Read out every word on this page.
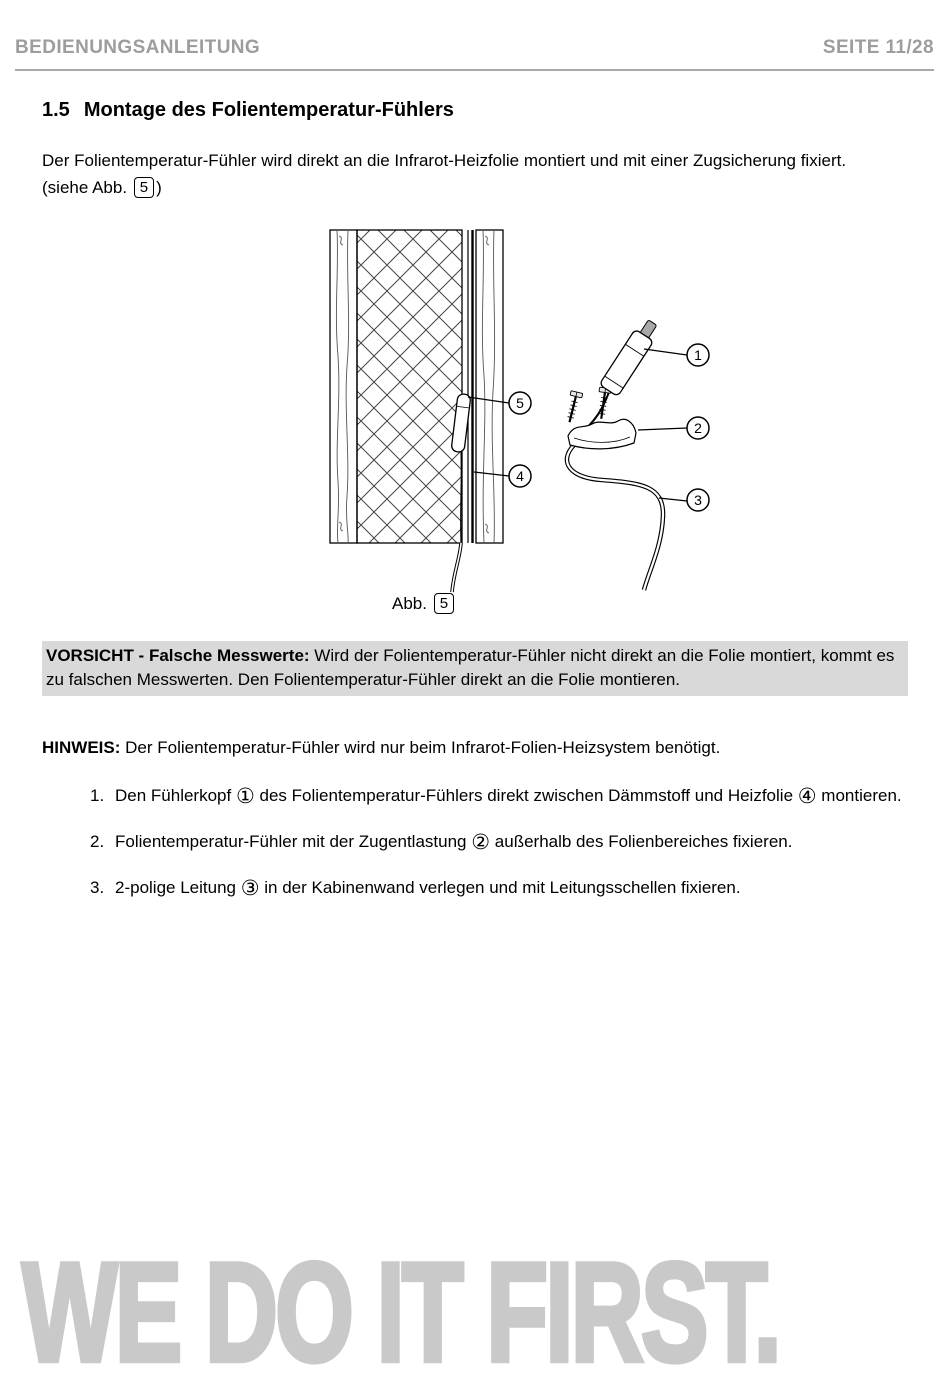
BEDIENUNGSANLEITUNG	SEITE 11/28
1.5 Montage des Folientemperatur-Fühlers

Der Folientemperatur-Fühler wird direkt an die Infrarot-Heizfolie montiert und mit einer Zugsicherung fixiert. (siehe Abb. 5 )

1
2
3
4
5
Abb. 5
VORSICHT - Falsche Messwerte: Wird der Folientemperatur-Fühler nicht direkt an die Folie montiert, kommt es zu falschen Messwerten. Den Folientemperatur-Fühler direkt an die Folie montieren.
HINWEIS: Der Folientemperatur-Fühler wird nur beim Infrarot-Folien-Heizsystem benötigt.
1. Den Fühlerkopf ① des Folientemperatur-Fühlers direkt zwischen Dämmstoff und Heizfolie ④ montieren.
2. Folientemperatur-Fühler mit der Zugentlastung ② außerhalb des Folienbereiches fixieren.
3. 2-polige Leitung ③ in der Kabinenwand verlegen und mit Leitungsschellen fixieren.
WE DO IT FIRST.
